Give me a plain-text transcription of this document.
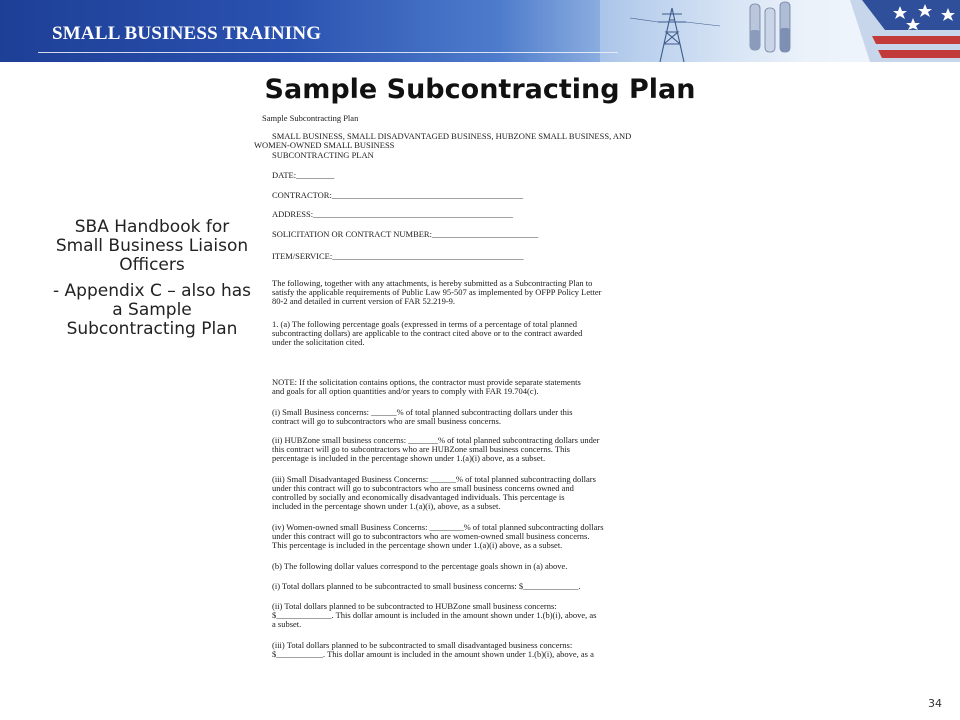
SMALL BUSINESS TRAINING
Sample Subcontracting Plan

SBA Handbook for Small Business Liaison Officers

- Appendix C – also has a Sample Subcontracting Plan

Sample Subcontracting Plan
SMALL BUSINESS, SMALL DISADVANTAGED BUSINESS, HUBZONE SMALL BUSINESS, AND
WOMEN-OWNED SMALL BUSINESS
SUBCONTRACTING PLAN
DATE:_________
CONTRACTOR:_____________________________________________
ADDRESS:_______________________________________________
SOLICITATION OR CONTRACT NUMBER:_________________________
ITEM/SERVICE:_____________________________________________
The following, together with any attachments, is hereby submitted as a Subcontracting Plan to
satisfy the applicable requirements of Public Law 95-507 as implemented by OFPP Policy Letter
80-2 and detailed in current version of FAR 52.219-9.
1. (a) The following percentage goals (expressed in terms of a percentage of total planned
subcontracting dollars) are applicable to the contract cited above or to the contract awarded
under the solicitation cited.
NOTE: If the solicitation contains options, the contractor must provide separate statements
and goals for all option quantities and/or years to comply with FAR 19.704(c).
(i) Small Business concerns: ______% of total planned subcontracting dollars under this
contract will go to subcontractors who are small business concerns.
(ii) HUBZone small business concerns: _______% of total planned subcontracting dollars under
this contract will go to subcontractors who are HUBZone small business concerns. This
percentage is included in the percentage shown under 1.(a)(i) above, as a subset.
(iii) Small Disadvantaged Business Concerns: ______% of total planned subcontracting dollars
under this contract will go to subcontractors who are small business concerns owned and
controlled by socially and economically disadvantaged individuals. This percentage is
included in the percentage shown under 1.(a)(i), above, as a subset.
(iv) Women-owned small Business Concerns: ________% of total planned subcontracting dollars
under this contract will go to subcontractors who are women-owned small business concerns.
This percentage is included in the percentage shown under 1.(a)(i) above, as a subset.
(b) The following dollar values correspond to the percentage goals shown in (a) above.
(i) Total dollars planned to be subcontracted to small business concerns: $_____________.
(ii) Total dollars planned to be subcontracted to HUBZone small business concerns:
$_____________. This dollar amount is included in the amount shown under 1.(b)(i), above, as
a subset.
(iii) Total dollars planned to be subcontracted to small disadvantaged business concerns:
$___________. This dollar amount is included in the amount shown under 1.(b)(i), above, as a
34
